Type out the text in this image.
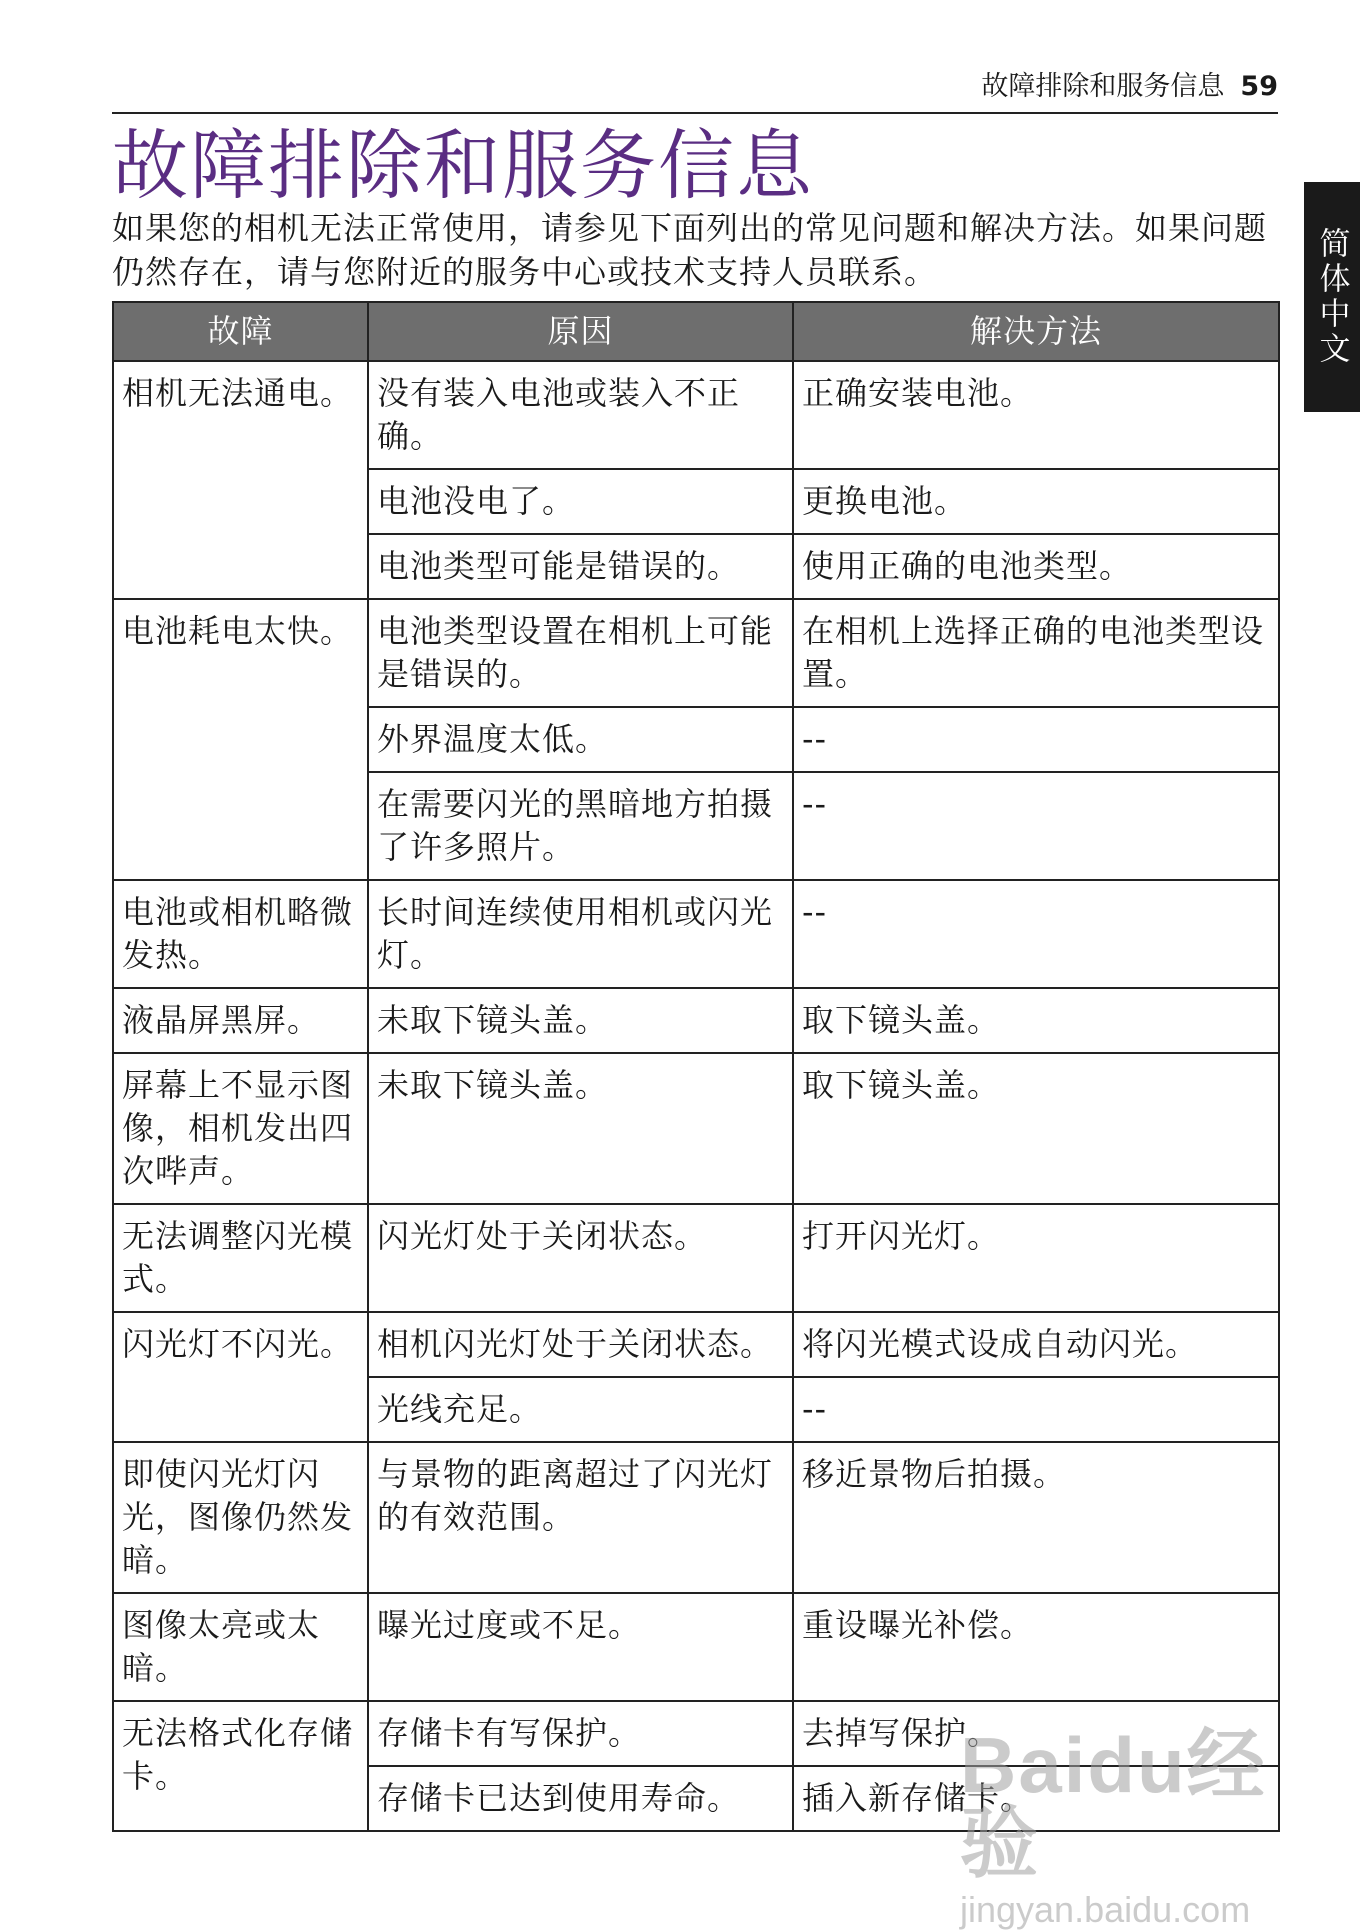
故障排除和服务信息 59
故障排除和服务信息

如果您的相机无法正常使用，请参见下面列出的常见问题和解决方法。如果问题仍然存在，请与您附近的服务中心或技术支持人员联系。	简体中文
故障	原因	解决方法
相机无法通电。	没有装入电池或装入不正确。	正确安装电池。
	电池没电了。	更换电池。
	电池类型可能是错误的。	使用正确的电池类型。
电池耗电太快。	电池类型设置在相机上可能是错误的。	在相机上选择正确的电池类型设置。
	外界温度太低。	--
	在需要闪光的黑暗地方拍摄了许多照片。	--
电池或相机略微发热。	长时间连续使用相机或闪光灯。	--
液晶屏黑屏。	未取下镜头盖。	取下镜头盖。
屏幕上不显示图像，相机发出四次哔声。	未取下镜头盖。	取下镜头盖。
无法调整闪光模式。	闪光灯处于关闭状态。	打开闪光灯。
闪光灯不闪光。	相机闪光灯处于关闭状态。	将闪光模式设成自动闪光。
	光线充足。	--
即使闪光灯闪光，图像仍然发暗。	与景物的距离超过了闪光灯的有效范围。	移近景物后拍摄。
图像太亮或太暗。	曝光过度或不足。	重设曝光补偿。
无法格式化存储卡。	存储卡有写保护。	去掉写保护。
	存储卡已达到使用寿命。	插入新存储卡。
Baidu经验
jingyan.baidu.com
